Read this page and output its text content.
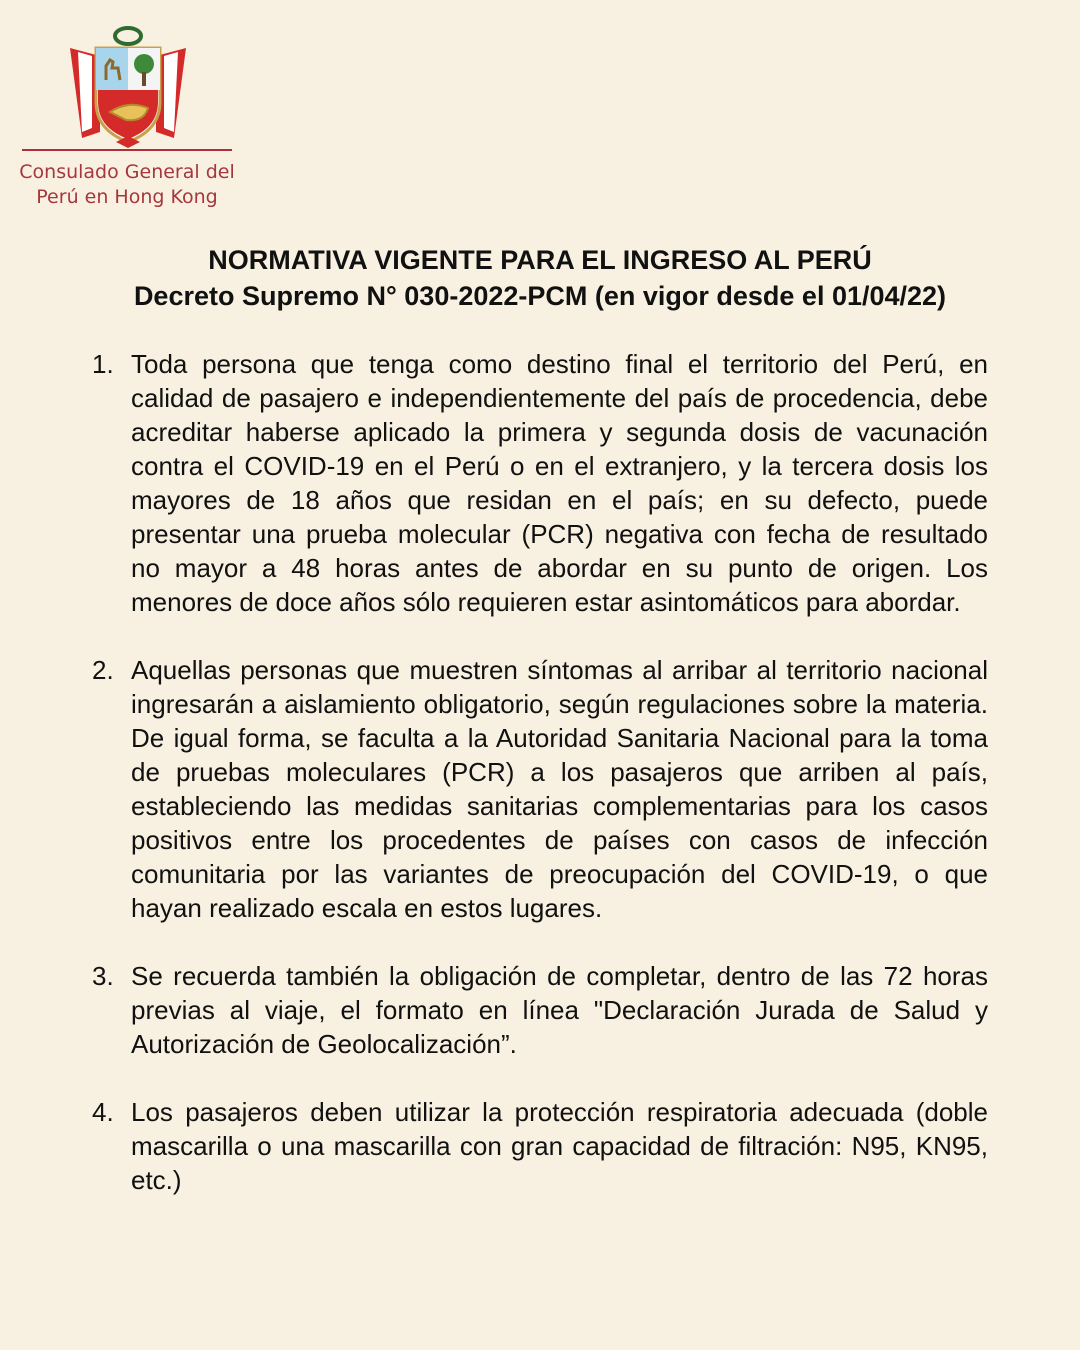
Consulado General del
Perú en Hong Kong
NORMATIVA VIGENTE PARA EL INGRESO AL PERÚ
Decreto Supremo N° 030-2022-PCM (en vigor desde el 01/04/22)
1. Toda persona que tenga como destino final el territorio del Perú, en calidad de pasajero e independientemente del país de procedencia, debe acreditar haberse aplicado la primera y segunda dosis de vacunación contra el COVID-19 en el Perú o en el extranjero, y la tercera dosis los mayores de 18 años que residan en el país; en su defecto, puede presentar una prueba molecular (PCR) negativa con fecha de resultado no mayor a 48 horas antes de abordar en su punto de origen. Los menores de doce años sólo requieren estar asintomáticos para abordar.
2. Aquellas personas que muestren síntomas al arribar al territorio nacional ingresarán a aislamiento obligatorio, según regulaciones sobre la materia. De igual forma, se faculta a la Autoridad Sanitaria Nacional para la toma de pruebas moleculares (PCR) a los pasajeros que arriben al país, estableciendo las medidas sanitarias complementarias para los casos positivos entre los procedentes de países con casos de infección comunitaria por las variantes de preocupación del COVID-19, o que hayan realizado escala en estos lugares.
3. Se recuerda también la obligación de completar, dentro de las 72 horas previas al viaje, el formato en línea "Declaración Jurada de Salud y Autorización de Geolocalización”.
4. Los pasajeros deben utilizar la protección respiratoria adecuada (doble mascarilla o una mascarilla con gran capacidad de filtración: N95, KN95, etc.)
